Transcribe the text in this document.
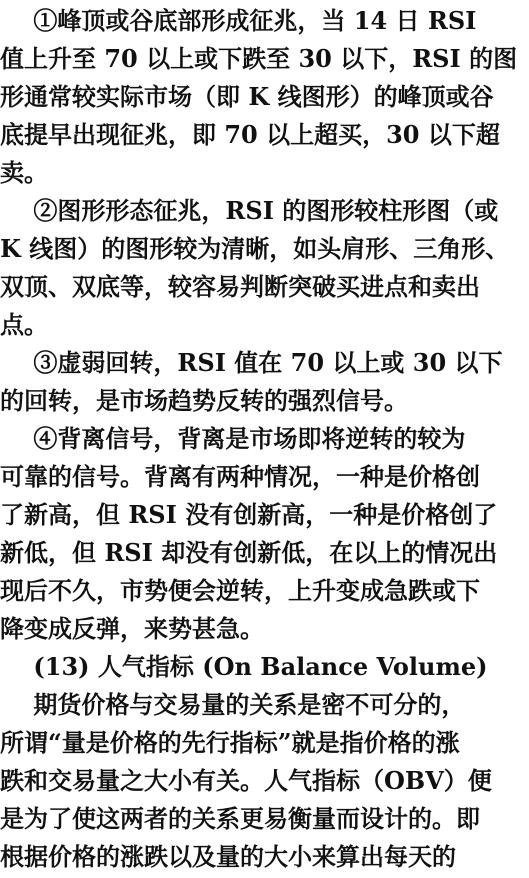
①峰顶或谷底部形成征兆，当 14 日 RSI
值上升至 70 以上或下跌至 30 以下，RSI 的图
形通常较实际市场（即 K 线图形）的峰顶或谷
底提早出现征兆，即 70 以上超买，30 以下超
卖。
②图形形态征兆，RSI 的图形较柱形图（或
K 线图）的图形较为清晰，如头肩形、三角形、
双顶、双底等，较容易判断突破买进点和卖出
点。
③虚弱回转，RSI 值在 70 以上或 30 以下
的回转，是市场趋势反转的强烈信号。
④背离信号，背离是市场即将逆转的较为
可靠的信号。背离有两种情况，一种是价格创
了新高，但 RSI 没有创新高，一种是价格创了
新低，但 RSI 却没有创新低，在以上的情况出
现后不久，市势便会逆转，上升变成急跌或下
降变成反弹，来势甚急。
(13) 人气指标 (On Balance Volume)
期货价格与交易量的关系是密不可分的，
所谓“量是价格的先行指标”就是指价格的涨
跌和交易量之大小有关。人气指标（OBV）便
是为了使这两者的关系更易衡量而设计的。即
根据价格的涨跌以及量的大小来算出每天的
